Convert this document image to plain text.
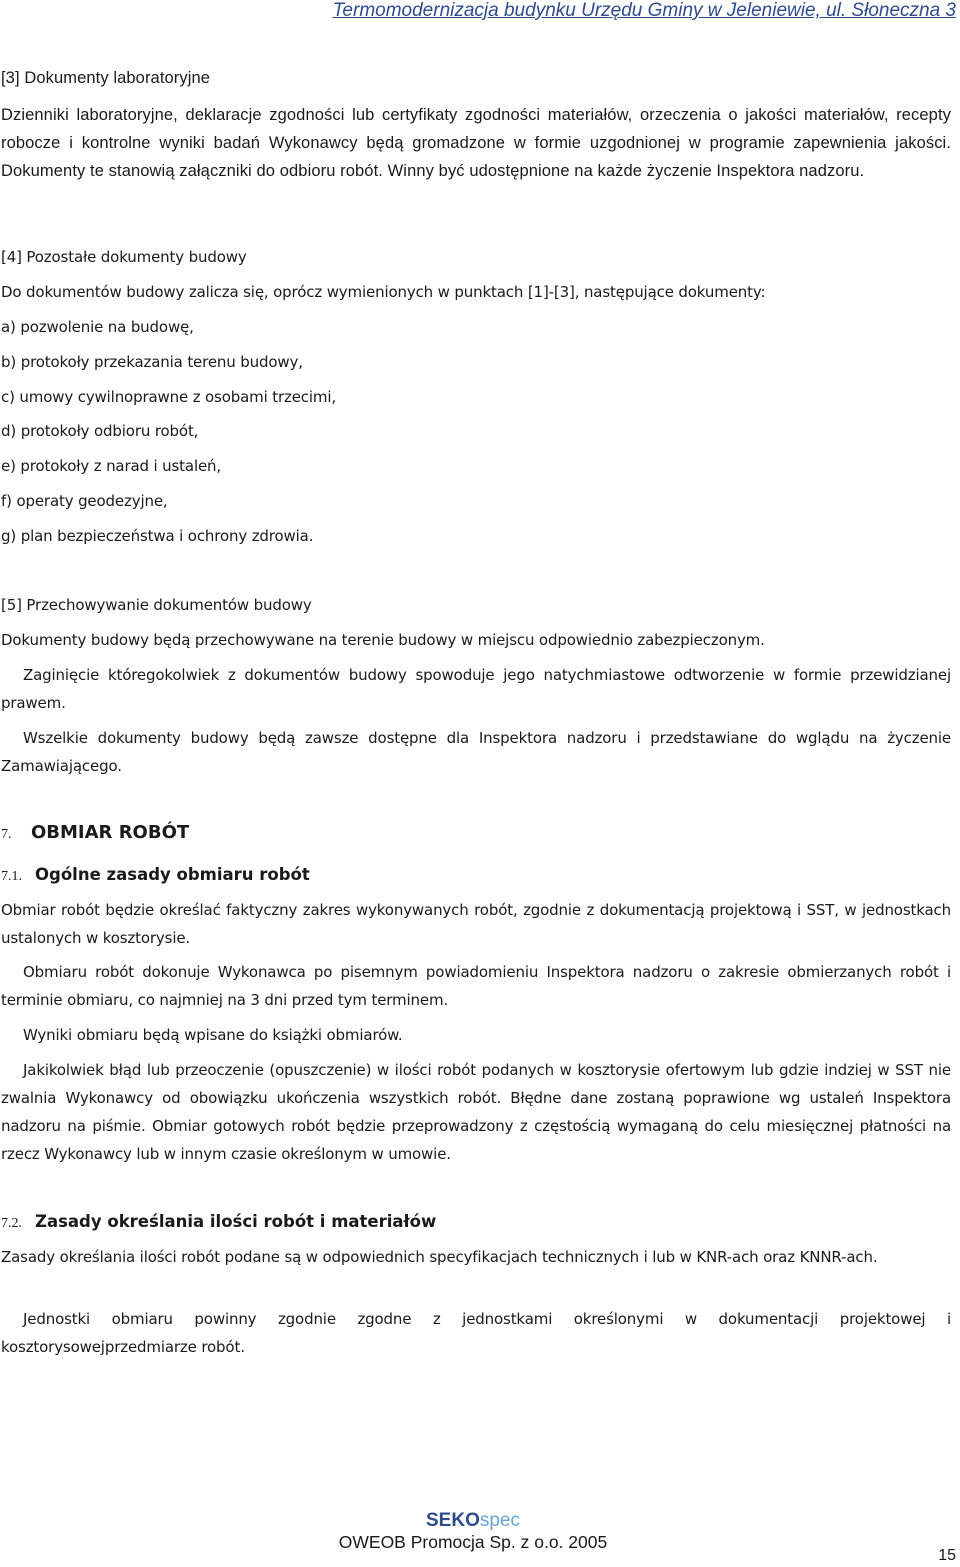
Termomodernizacja budynku Urzędu Gminy w Jeleniewie, ul. Słoneczna 3

[3] Dokumenty laboratoryjne

Dzienniki laboratoryjne, deklaracje zgodności lub certyfikaty zgodności materiałów, orzeczenia o jakości materiałów, recepty robocze i kontrolne wyniki badań Wykonawcy będą gromadzone w formie uzgodnionej w programie zapewnienia jakości. Dokumenty te stanowią załączniki do odbioru robót. Winny być udostępnione na każde życzenie Inspektora nadzoru.

[4] Pozostałe dokumenty budowy

Do dokumentów budowy zalicza się, oprócz wymienionych w punktach [1]-[3], następujące dokumenty:

a) pozwolenie na budowę,

b) protokoły przekazania terenu budowy,

c) umowy cywilnoprawne z osobami trzecimi,

d) protokoły odbioru robót,

e) protokoły z narad i ustaleń,

f) operaty geodezyjne,

g) plan bezpieczeństwa i ochrony zdrowia.

[5] Przechowywanie dokumentów budowy

Dokumenty budowy będą przechowywane na terenie budowy w miejscu odpowiednio zabezpieczonym.

Zaginięcie któregokolwiek z dokumentów budowy spowoduje jego natychmiastowe odtworzenie w formie przewidzianej prawem.

Wszelkie dokumenty budowy będą zawsze dostępne dla Inspektora nadzoru i przedstawiane do wglądu na życzenie Zamawiającego.

7. OBMIAR ROBÓT

7.1. Ogólne zasady obmiaru robót

Obmiar robót będzie określać faktyczny zakres wykonywanych robót, zgodnie z dokumentacją projektową i SST, w jednostkach ustalonych w kosztorysie.

Obmiaru robót dokonuje Wykonawca po pisemnym powiadomieniu Inspektora nadzoru o zakresie obmierzanych robót i terminie obmiaru, co najmniej na 3 dni przed tym terminem.

Wyniki obmiaru będą wpisane do książki obmiarów.

Jakikolwiek błąd lub przeoczenie (opuszczenie) w ilości robót podanych w kosztorysie ofertowym lub gdzie indziej w SST nie zwalnia Wykonawcy od obowiązku ukończenia wszystkich robót. Błędne dane zostaną poprawione wg ustaleń Inspektora nadzoru na piśmie. Obmiar gotowych robót będzie przeprowadzony z częstością wymaganą do celu miesięcznej płatności na rzecz Wykonawcy lub w innym czasie określonym w umowie.

7.2. Zasady określania ilości robót i materiałów

Zasady określania ilości robót podane są w odpowiednich specyfikacjach technicznych i lub w KNR-ach oraz KNNR-ach.

Jednostki obmiaru powinny zgodnie zgodne z jednostkami określonymi w dokumentacji projektowej i kosztorysowejprzedmiarze robót.

SEKOspec
OWEOB Promocja Sp. z o.o. 2005
15
